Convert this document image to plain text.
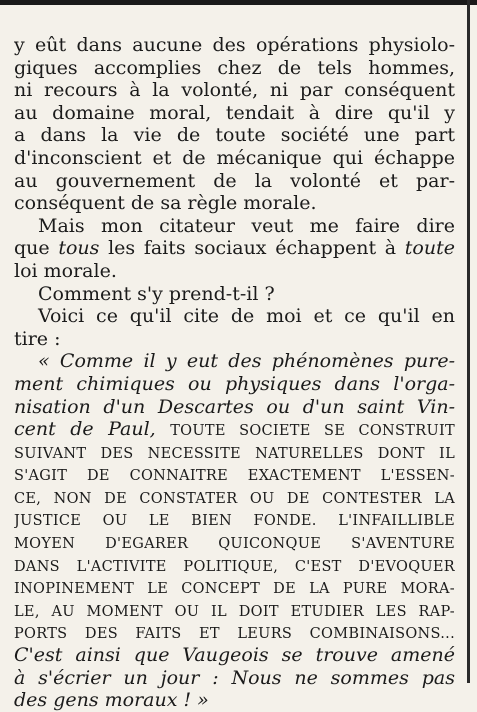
y eût dans aucune des opérations physiolo-
giques accomplies chez de tels hommes,
ni recours à la volonté, ni par conséquent
au domaine moral, tendait à dire qu'il y
a dans la vie de toute société une part
d'inconscient et de mécanique qui échappe
au gouvernement de la volonté et par-
conséquent de sa règle morale.
Mais mon citateur veut me faire dire
que tous les faits sociaux échappent à toute
loi morale.
Comment s'y prend-t-il ?
Voici ce qu'il cite de moi et ce qu'il en
tire :
« Comme il y eut des phénomènes pure-
ment chimiques ou physiques dans l'orga-
nisation d'un Descartes ou d'un saint Vin-
cent de Paul, TOUTE SOCIETE SE CONSTRUIT
SUIVANT DES NECESSITE NATURELLES DONT IL
S'AGIT DE CONNAITRE EXACTEMENT L'ESSEN-
CE, NON DE CONSTATER OU DE CONTESTER LA
JUSTICE OU LE BIEN FONDE. L'INFAILLIBLE
MOYEN D'EGARER QUICONQUE S'AVENTURE
DANS L'ACTIVITE POLITIQUE, C'EST D'EVOQUER
INOPINEMENT LE CONCEPT DE LA PURE MORA-
LE, AU MOMENT OU IL DOIT ETUDIER LES RAP-
PORTS DES FAITS ET LEURS COMBINAISONS...
C'est ainsi que Vaugeois se trouve amené
à s'écrier un jour : Nous ne sommes pas
des gens moraux ! »
